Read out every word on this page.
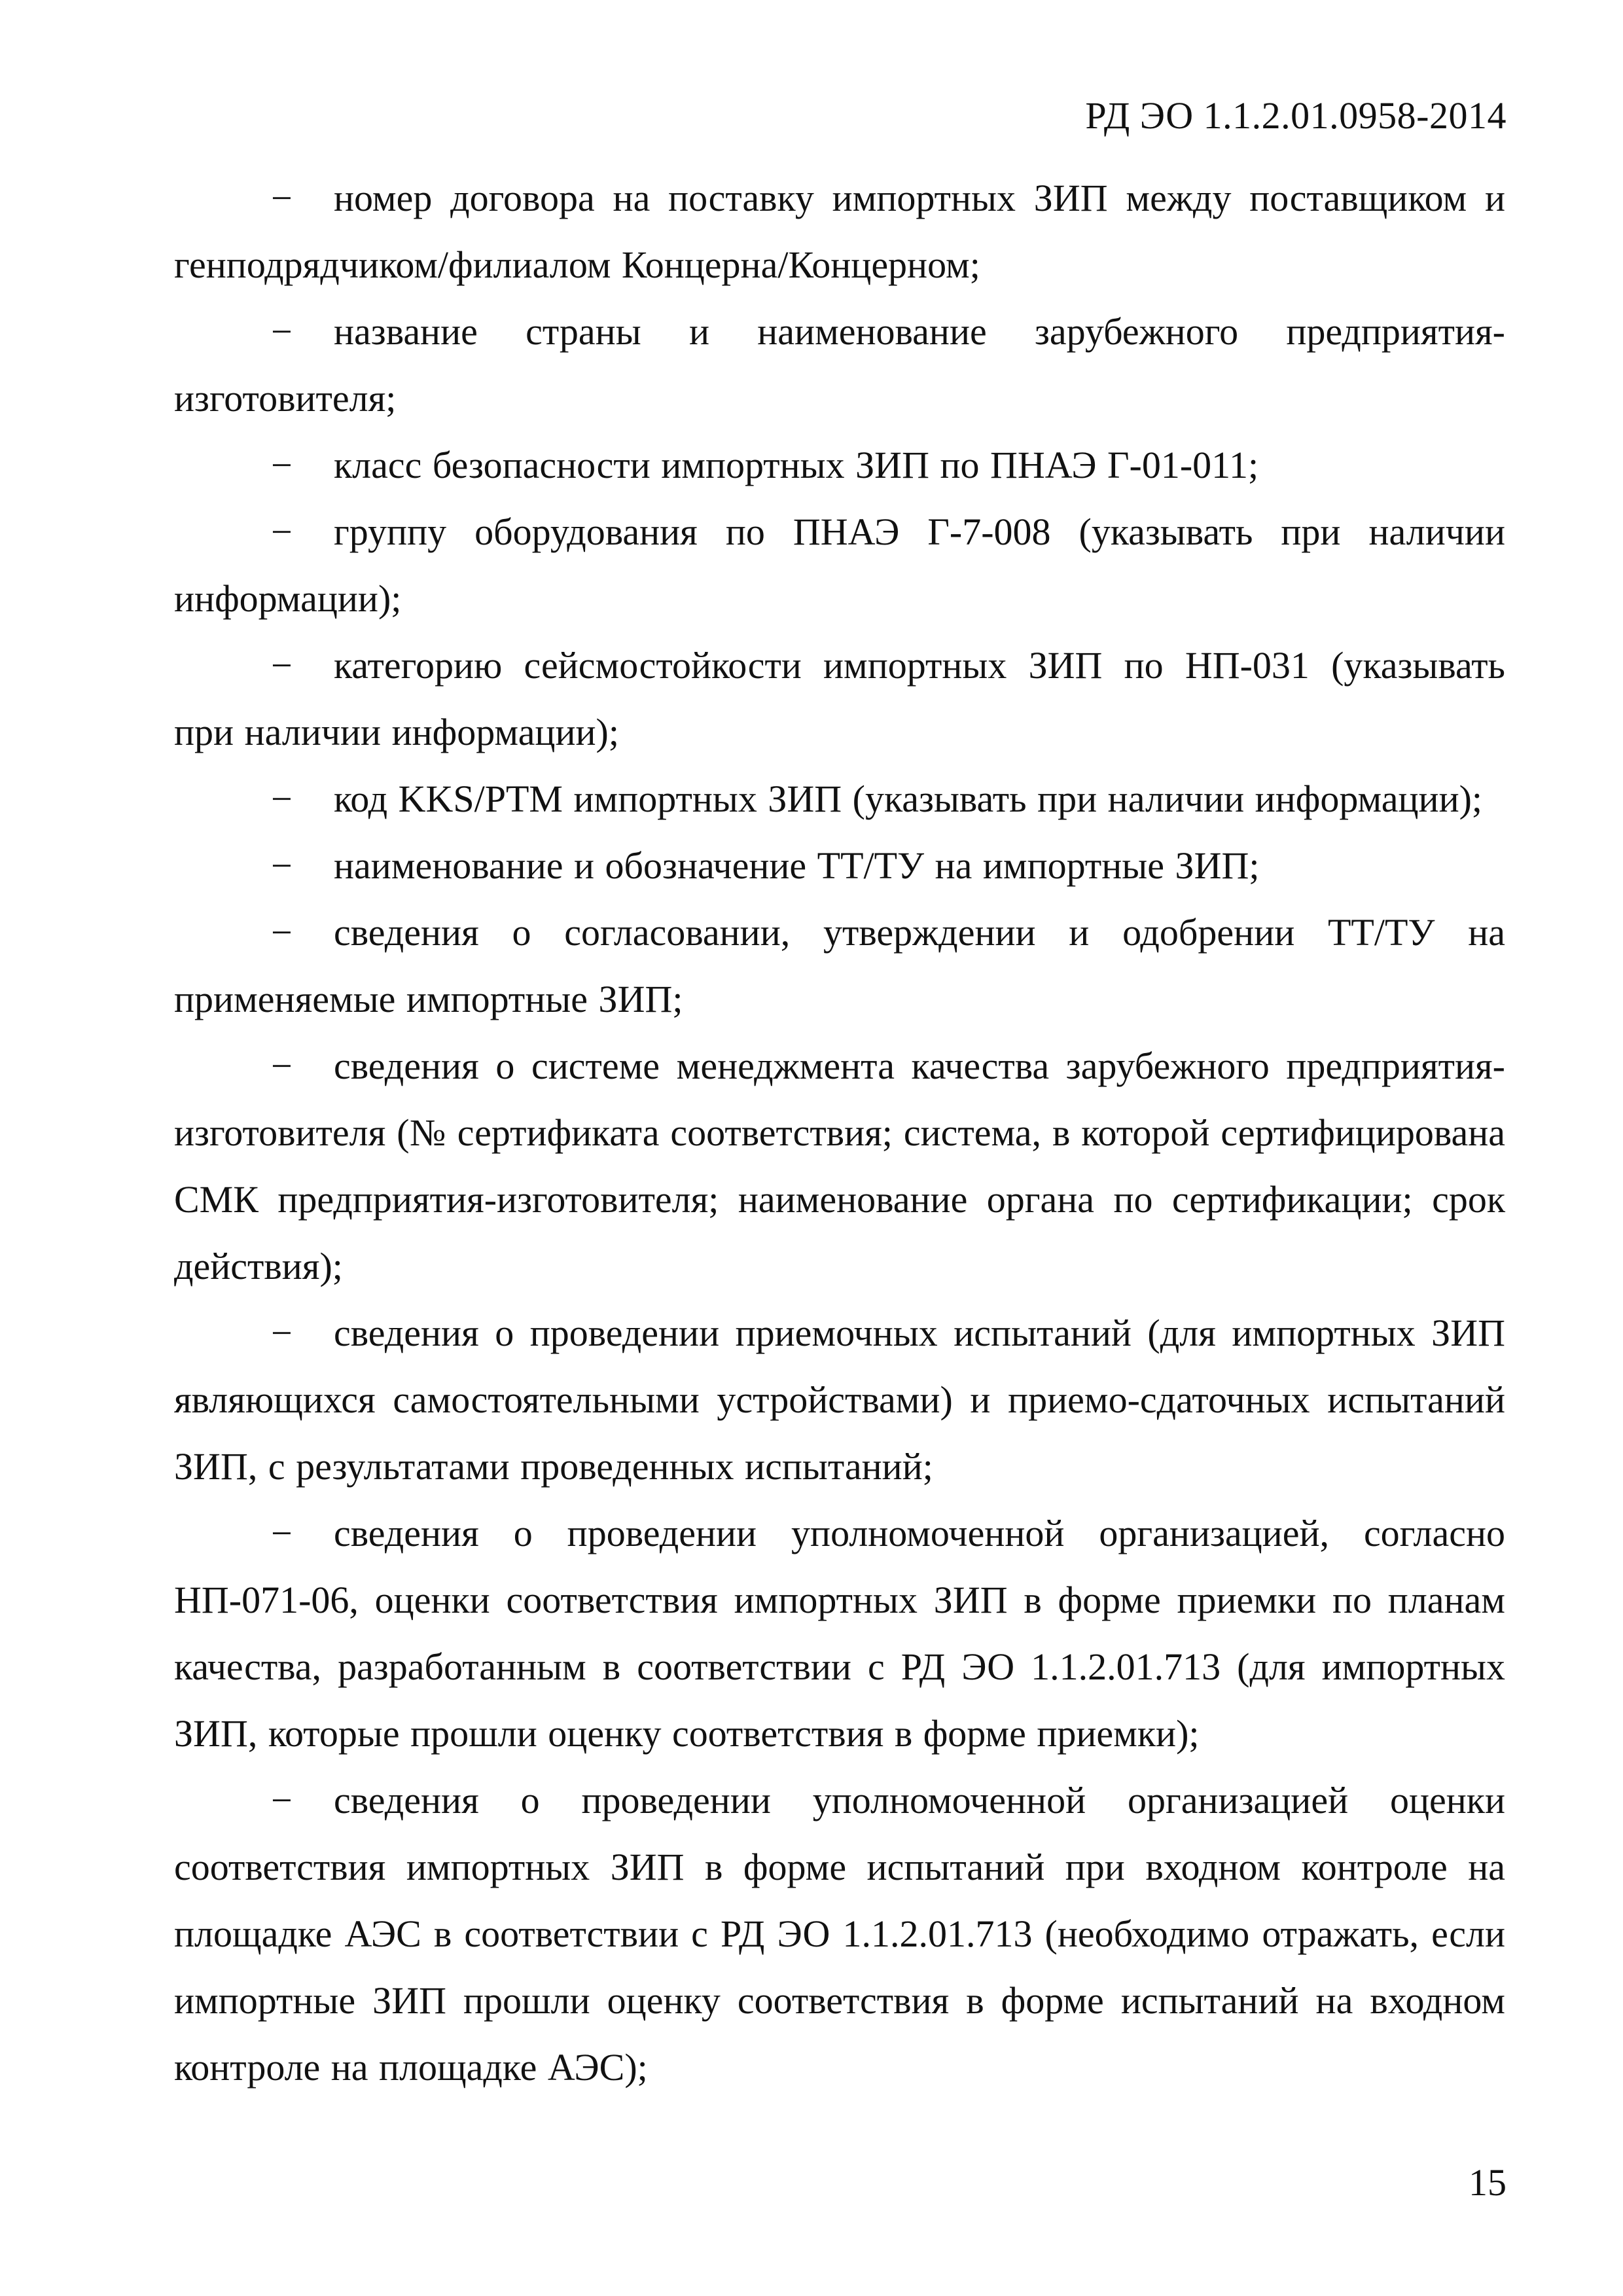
РД ЭО 1.1.2.01.0958-2014

− номер договора на поставку импортных ЗИП между поставщиком и генподрядчиком/филиалом Концерна/Концерном;

− название страны и наименование зарубежного предприятия-изготовителя;

− класс безопасности импортных ЗИП по ПНАЭ Г-01-011;

− группу оборудования по ПНАЭ Г-7-008 (указывать при наличии информации);

− категорию сейсмостойкости импортных ЗИП по НП-031 (указывать при наличии информации);

− код KKS/PTM импортных ЗИП (указывать при наличии информации);

− наименование и обозначение ТТ/ТУ на импортные ЗИП;

− сведения о согласовании, утверждении и одобрении ТТ/ТУ на применяемые импортные ЗИП;

− сведения о системе менеджмента качества зарубежного предприятия-изготовителя (№ сертификата соответствия; система, в которой сертифицирована СМК предприятия-изготовителя; наименование органа по сертификации; срок действия);

− сведения о проведении приемочных испытаний (для импортных ЗИП являющихся самостоятельными устройствами) и приемо-сдаточных испытаний ЗИП, с результатами проведенных испытаний;

− сведения о проведении уполномоченной организацией, согласно НП-071-06, оценки соответствия импортных ЗИП в форме приемки по планам качества, разработанным в соответствии с РД ЭО 1.1.2.01.713 (для импортных ЗИП, которые прошли оценку соответствия в форме приемки);

− сведения о проведении уполномоченной организацией оценки соответствия импортных ЗИП в форме испытаний при входном контроле на площадке АЭС в соответствии с РД ЭО 1.1.2.01.713 (необходимо отражать, если импортные ЗИП прошли оценку соответствия в форме испытаний на входном контроле на площадке АЭС);

15
